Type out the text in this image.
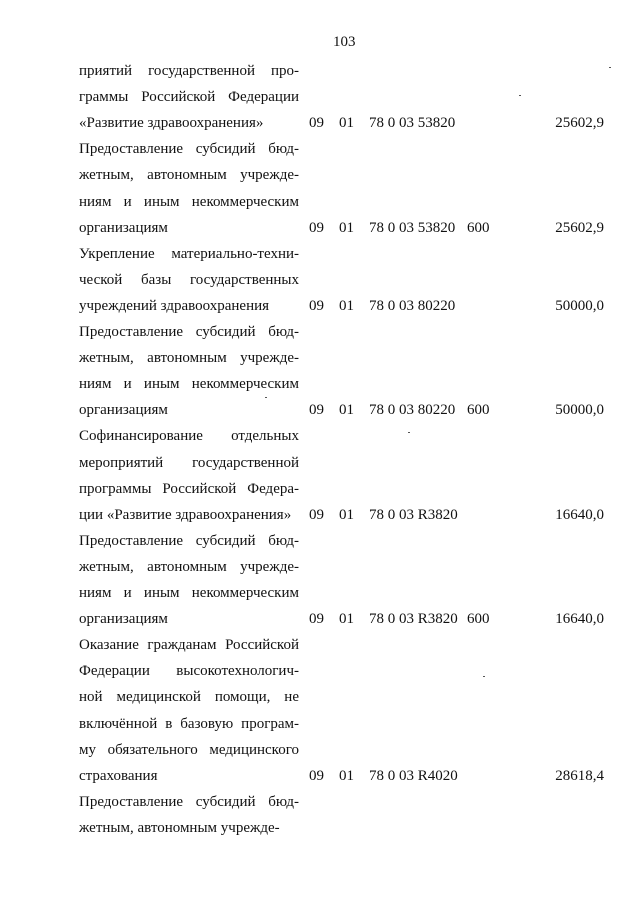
103
приятий государственной про-
граммы Российской Федерации
«Развитие здравоохранения»	09 01 78 0 03 53820	25602,9
Предоставление субсидий бюд-
жетным, автономным учрежде-
ниям и иным некоммерческим
организациям	09 01 78 0 03 53820 600	25602,9
Укрепление материально-техни-
ческой базы государственных
учреждений здравоохранения	09 01 78 0 03 80220	50000,0
Предоставление субсидий бюд-
жетным, автономным учрежде-
ниям и иным некоммерческим
организациям	09 01 78 0 03 80220 600	50000,0
Софинансирование отдельных
мероприятий государственной
программы Российской Федера-
ции «Развитие здравоохранения»	09 01 78 0 03 R3820	16640,0
Предоставление субсидий бюд-
жетным, автономным учрежде-
ниям и иным некоммерческим
организациям	09 01 78 0 03 R3820 600	16640,0
Оказание гражданам Российской
Федерации высокотехнологич-
ной медицинской помощи, не
включённой в базовую програм-
му обязательного медицинского
страхования	09 01 78 0 03 R4020	28618,4
Предоставление субсидий бюд-
жетным, автономным учрежде-
